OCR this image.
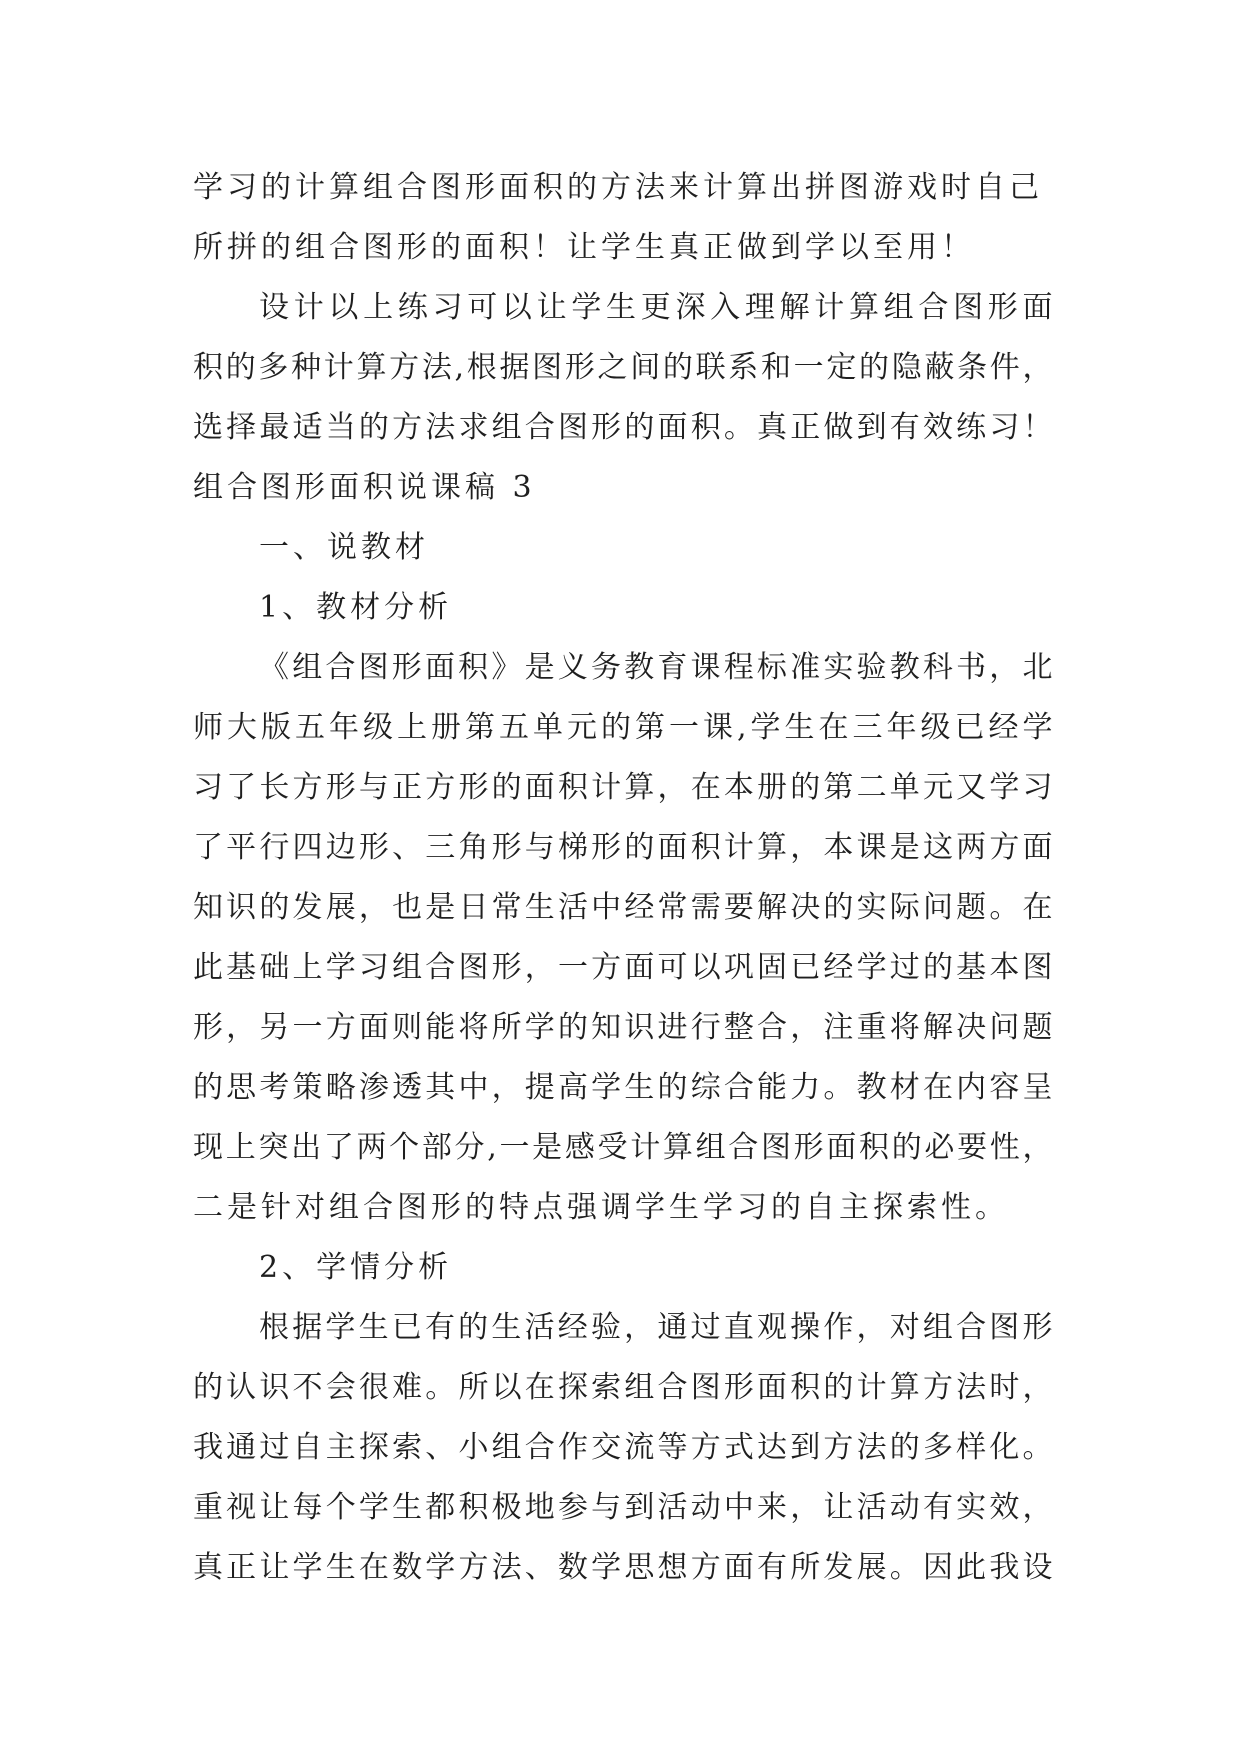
学习的计算组合图形面积的方法来计算出拼图游戏时自己
所拼的组合图形的面积！让学生真正做到学以至用！
设计以上练习可以让学生更深入理解计算组合图形面
积的多种计算方法,根据图形之间的联系和一定的隐蔽条件，
选择最适当的方法求组合图形的面积。真正做到有效练习！
组合图形面积说课稿 3
一、说教材
1、教材分析
《组合图形面积》是义务教育课程标准实验教科书，北
师大版五年级上册第五单元的第一课,学生在三年级已经学
习了长方形与正方形的面积计算，在本册的第二单元又学习
了平行四边形、三角形与梯形的面积计算，本课是这两方面
知识的发展，也是日常生活中经常需要解决的实际问题。在
此基础上学习组合图形，一方面可以巩固已经学过的基本图
形，另一方面则能将所学的知识进行整合，注重将解决问题
的思考策略渗透其中，提高学生的综合能力。教材在内容呈
现上突出了两个部分,一是感受计算组合图形面积的必要性，
二是针对组合图形的特点强调学生学习的自主探索性。
2、学情分析
根据学生已有的生活经验，通过直观操作，对组合图形
的认识不会很难。所以在探索组合图形面积的计算方法时，
我通过自主探索、小组合作交流等方式达到方法的多样化。
重视让每个学生都积极地参与到活动中来，让活动有实效，
真正让学生在数学方法、数学思想方面有所发展。因此我设
